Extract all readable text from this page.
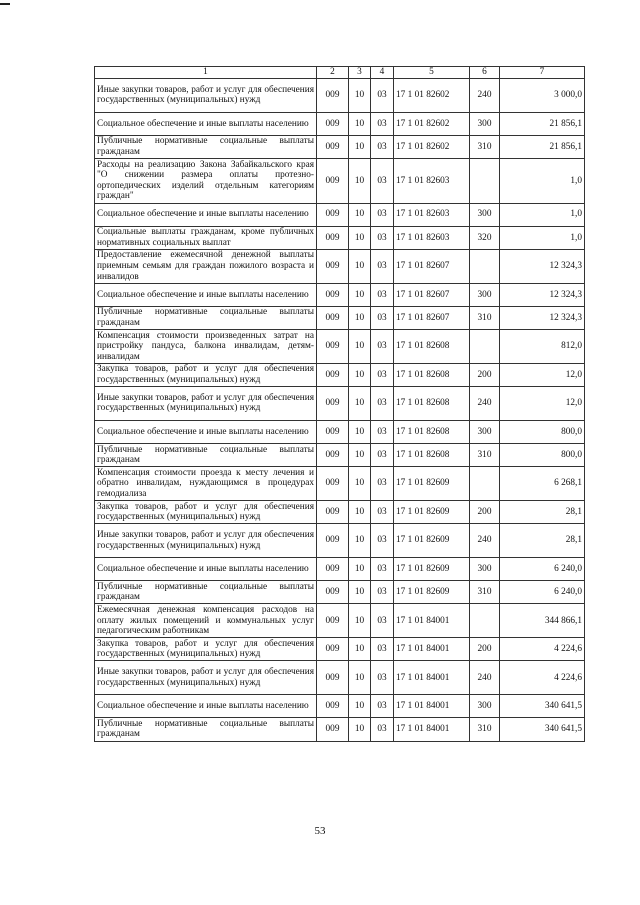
1	2	3	4	5	6	7
Иные закупки товаров, работ и услуг для обеспечения государственных (муниципальных) нужд	009	10	03	17 1 01 82602	240	3 000,0
Социальное обеспечение и иные выплаты населению	009	10	03	17 1 01 82602	300	21 856,1
Публичные нормативные социальные выплаты гражданам	009	10	03	17 1 01 82602	310	21 856,1
Расходы на реализацию Закона Забайкальского края "О снижении размера оплаты протезно-ортопедических изделий отдельным категориям граждан"	009	10	03	17 1 01 82603		1,0
Социальное обеспечение и иные выплаты населению	009	10	03	17 1 01 82603	300	1,0
Социальные выплаты гражданам, кроме публичных нормативных социальных выплат	009	10	03	17 1 01 82603	320	1,0
Предоставление ежемесячной денежной выплаты приемным семьям для граждан пожилого возраста и инвалидов	009	10	03	17 1 01 82607		12 324,3
Социальное обеспечение и иные выплаты населению	009	10	03	17 1 01 82607	300	12 324,3
Публичные нормативные социальные выплаты гражданам	009	10	03	17 1 01 82607	310	12 324,3
Компенсация стоимости произведенных затрат на пристройку пандуса, балкона инвалидам, детям-инвалидам	009	10	03	17 1 01 82608		812,0
Закупка товаров, работ и услуг для обеспечения государственных (муниципальных) нужд	009	10	03	17 1 01 82608	200	12,0
Иные закупки товаров, работ и услуг для обеспечения государственных (муниципальных) нужд	009	10	03	17 1 01 82608	240	12,0
Социальное обеспечение и иные выплаты населению	009	10	03	17 1 01 82608	300	800,0
Публичные нормативные социальные выплаты гражданам	009	10	03	17 1 01 82608	310	800,0
Компенсация стоимости проезда к месту лечения и обратно инвалидам, нуждающимся в процедурах гемодиализа	009	10	03	17 1 01 82609		6 268,1
Закупка товаров, работ и услуг для обеспечения государственных (муниципальных) нужд	009	10	03	17 1 01 82609	200	28,1
Иные закупки товаров, работ и услуг для обеспечения государственных (муниципальных) нужд	009	10	03	17 1 01 82609	240	28,1
Социальное обеспечение и иные выплаты населению	009	10	03	17 1 01 82609	300	6 240,0
Публичные нормативные социальные выплаты гражданам	009	10	03	17 1 01 82609	310	6 240,0
Ежемесячная денежная компенсация расходов на оплату жилых помещений и коммунальных услуг педагогическим работникам	009	10	03	17 1 01 84001		344 866,1
Закупка товаров, работ и услуг для обеспечения государственных (муниципальных) нужд	009	10	03	17 1 01 84001	200	4 224,6
Иные закупки товаров, работ и услуг для обеспечения государственных (муниципальных) нужд	009	10	03	17 1 01 84001	240	4 224,6
Социальное обеспечение и иные выплаты населению	009	10	03	17 1 01 84001	300	340 641,5
Публичные нормативные социальные выплаты гражданам	009	10	03	17 1 01 84001	310	340 641,5
53
